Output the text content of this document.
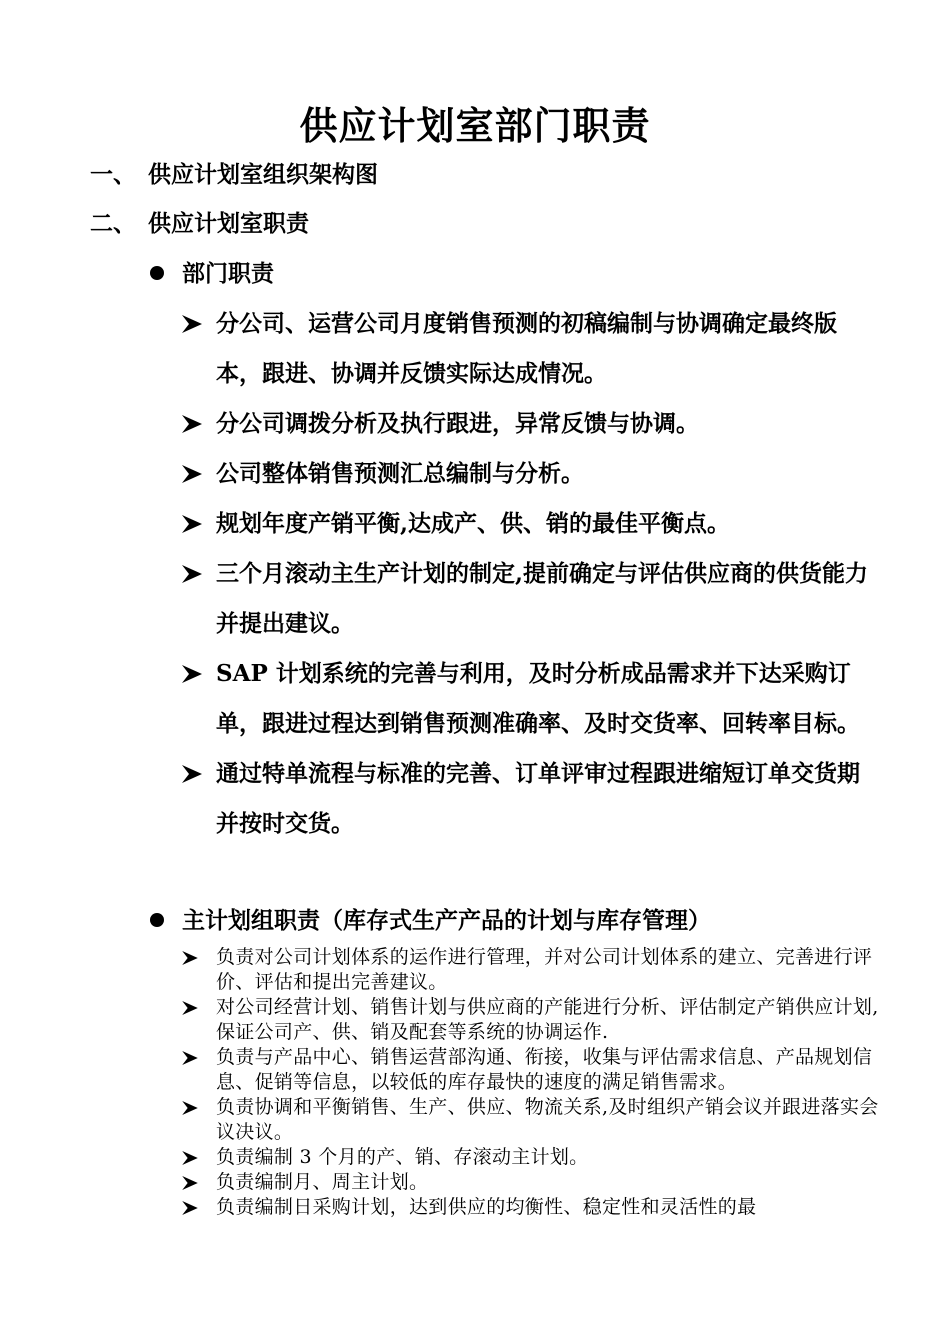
供应计划室部门职责
一、 供应计划室组织架构图
二、 供应计划室职责
部门职责
分公司、运营公司月度销售预测的初稿编制与协调确定最终版本，跟进、协调并反馈实际达成情况。
分公司调拨分析及执行跟进，异常反馈与协调。
公司整体销售预测汇总编制与分析。
规划年度产销平衡,达成产、供、销的最佳平衡点。
三个月滚动主生产计划的制定,提前确定与评估供应商的供货能力并提出建议。
SAP 计划系统的完善与利用，及时分析成品需求并下达采购订单，跟进过程达到销售预测准确率、及时交货率、回转率目标。
通过特单流程与标准的完善、订单评审过程跟进缩短订单交货期并按时交货。
主计划组职责（库存式生产产品的计划与库存管理）
负责对公司计划体系的运作进行管理，并对公司计划体系的建立、完善进行评价、评估和提出完善建议。
对公司经营计划、销售计划与供应商的产能进行分析、评估制定产销供应计划,保证公司产、供、销及配套等系统的协调运作.
负责与产品中心、销售运营部沟通、衔接，收集与评估需求信息、产品规划信息、促销等信息，以较低的库存最快的速度的满足销售需求。
负责协调和平衡销售、生产、供应、物流关系,及时组织产销会议并跟进落实会议决议。
负责编制 3 个月的产、销、存滚动主计划。
负责编制月、周主计划。
负责编制日采购计划，达到供应的均衡性、稳定性和灵活性的最
